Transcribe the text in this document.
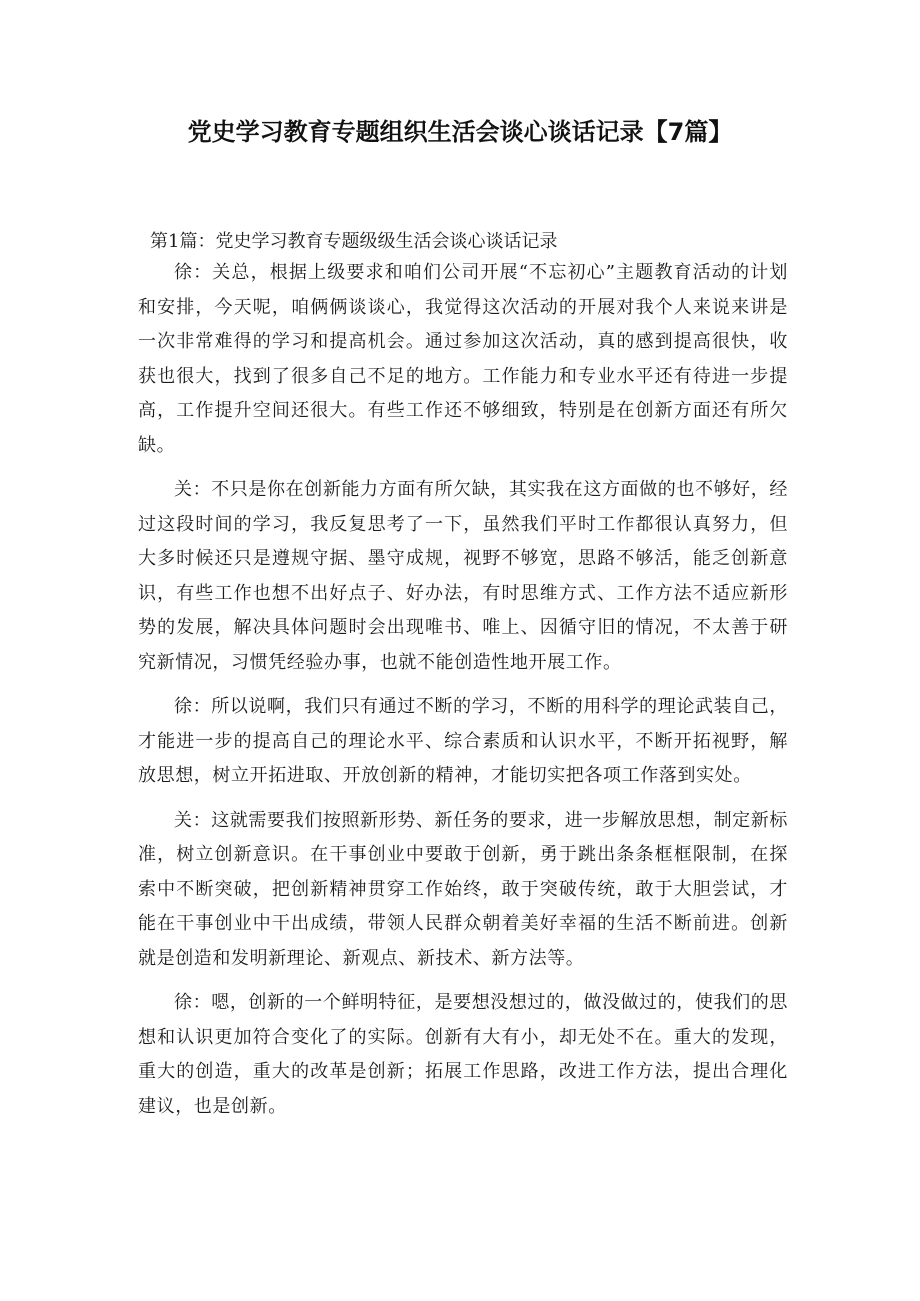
党史学习教育专题组织生活会谈心谈话记录【7篇】

第1篇：党史学习教育专题级级生活会谈心谈话记录

徐：关总，根据上级要求和咱们公司开展“不忘初心”主题教育活动的计划和安排，今天呢，咱俩俩谈谈心，我觉得这次活动的开展对我个人来说来讲是一次非常难得的学习和提高机会。通过参加这次活动，真的感到提高很快，收获也很大，找到了很多自己不足的地方。工作能力和专业水平还有待进一步提高，工作提升空间还很大。有些工作还不够细致，特别是在创新方面还有所欠缺。

关：不只是你在创新能力方面有所欠缺，其实我在这方面做的也不够好，经过这段时间的学习，我反复思考了一下，虽然我们平时工作都很认真努力，但大多时候还只是遵规守据、墨守成规，视野不够宽，思路不够活，能乏创新意识，有些工作也想不出好点子、好办法，有时思维方式、工作方法不适应新形势的发展，解决具体问题时会出现唯书、唯上、因循守旧的情况，不太善于研究新情况，习惯凭经验办事，也就不能创造性地开展工作。

徐：所以说啊，我们只有通过不断的学习，不断的用科学的理论武装自己，才能进一步的提高自己的理论水平、综合素质和认识水平，不断开拓视野，解放思想，树立开拓进取、开放创新的精神，才能切实把各项工作落到实处。

关：这就需要我们按照新形势、新任务的要求，进一步解放思想，制定新标准，树立创新意识。在干事创业中要敢于创新，勇于跳出条条框框限制，在探索中不断突破，把创新精神贯穿工作始终，敢于突破传统，敢于大胆尝试，才能在干事创业中干出成绩，带领人民群众朝着美好幸福的生活不断前进。创新就是创造和发明新理论、新观点、新技术、新方法等。

徐：嗯，创新的一个鲜明特征，是要想没想过的，做没做过的，使我们的思想和认识更加符合变化了的实际。创新有大有小，却无处不在。重大的发现，重大的创造，重大的改革是创新；拓展工作思路，改进工作方法，提出合理化建议，也是创新。
